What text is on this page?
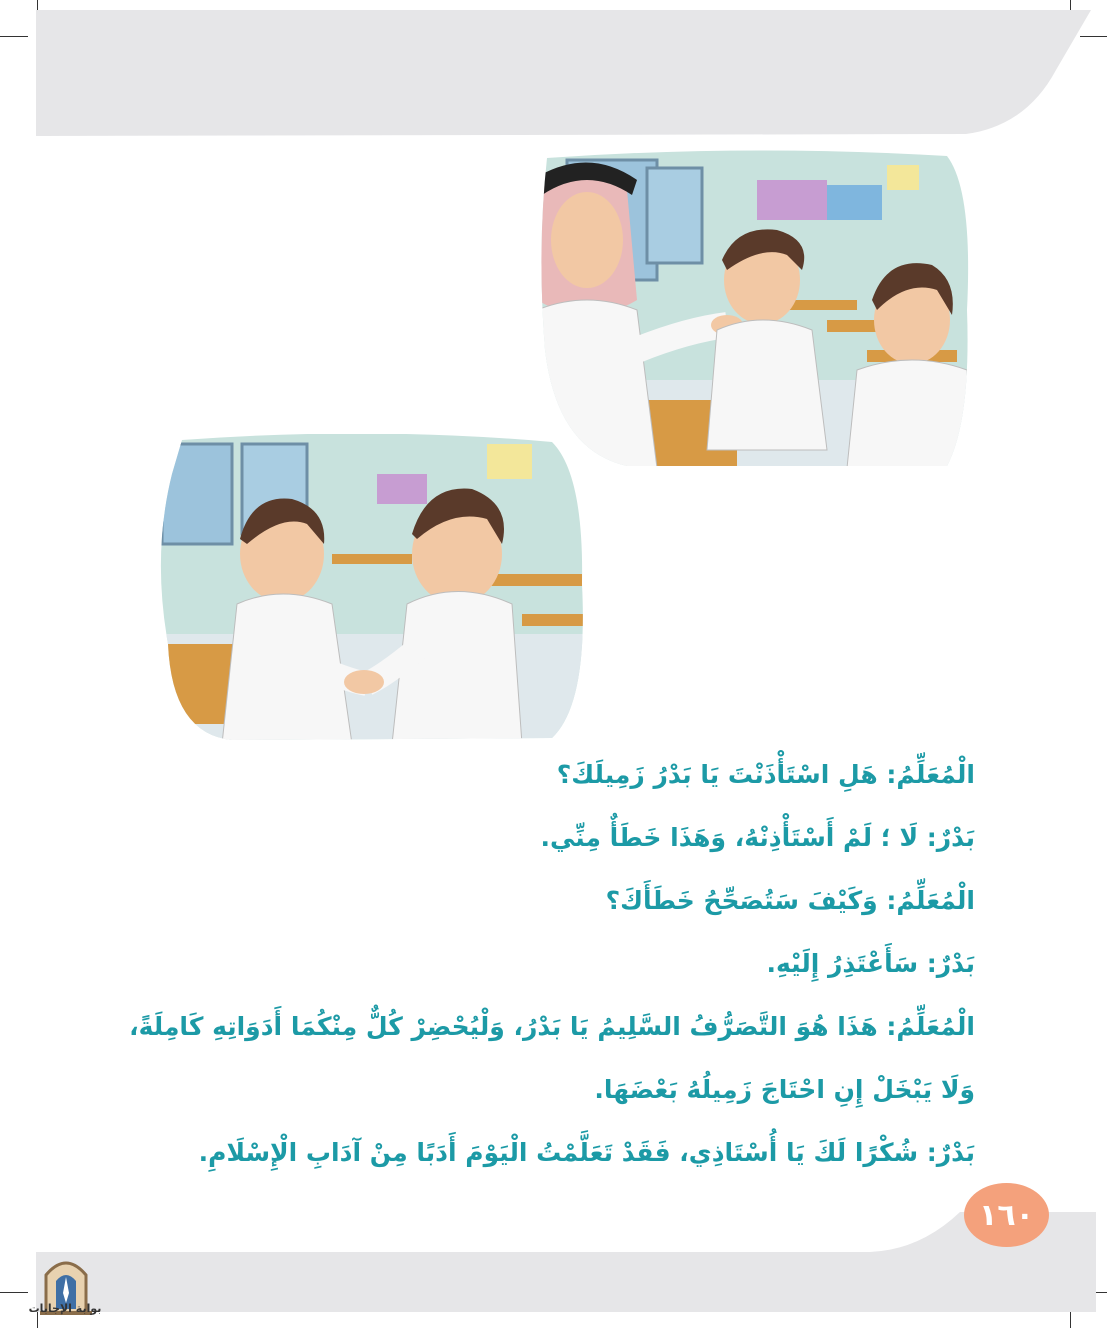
الْمُعَلِّمُ: هَلِ اسْتَأْذَنْتَ يَا بَدْرُ زَمِيلَكَ؟
بَدْرٌ: لَا ؛ لَمْ أَسْتَأْذِنْهُ، وَهَذَا خَطَأٌ مِنِّي.
الْمُعَلِّمُ: وَكَيْفَ سَتُصَحِّحُ خَطَأَكَ؟
بَدْرٌ: سَأَعْتَذِرُ إِلَيْهِ.
الْمُعَلِّمُ: هَذَا هُوَ التَّصَرُّفُ السَّلِيمُ يَا بَدْرُ، وَلْيُحْضِرْ كُلٌّ مِنْكُمَا أَدَوَاتِهِ كَامِلَةً،
وَلَا يَبْخَلْ إِنِ احْتَاجَ زَمِيلُهُ بَعْضَهَا.
بَدْرٌ: شُكْرًا لَكَ يَا أُسْتَاذِي، فَقَدْ تَعَلَّمْتُ الْيَوْمَ أَدَبًا مِنْ آدَابِ الْإِسْلَامِ.
١٦٠
بوابة الإجابات
